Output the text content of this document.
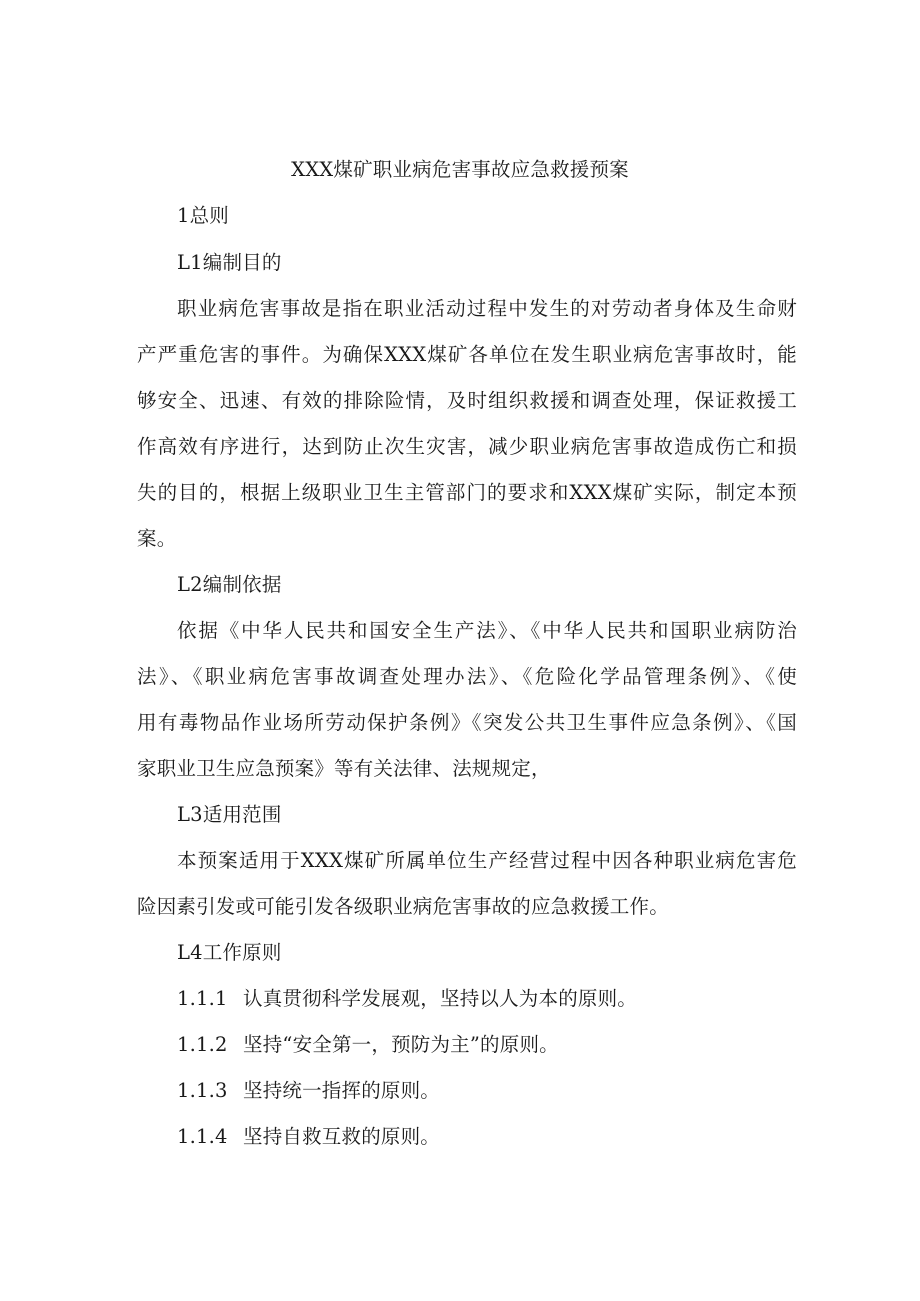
XXX煤矿职业病危害事故应急救援预案
1总则
L1编制目的
职业病危害事故是指在职业活动过程中发生的对劳动者身体及生命财
产严重危害的事件。为确保XXX煤矿各单位在发生职业病危害事故时，能
够安全、迅速、有效的排除险情，及时组织救援和调查处理，保证救援工
作高效有序进行，达到防止次生灾害，减少职业病危害事故造成伤亡和损
失的目的，根据上级职业卫生主管部门的要求和XXX煤矿实际，制定本预
案。
L2编制依据
依据《中华人民共和国安全生产法》、《中华人民共和国职业病防治
法》、《职业病危害事故调查处理办法》、《危险化学品管理条例》、《使
用有毒物品作业场所劳动保护条例》《突发公共卫生事件应急条例》、《国
家职业卫生应急预案》等有关法律、法规规定，
L3适用范围
本预案适用于XXX煤矿所属单位生产经营过程中因各种职业病危害危
险因素引发或可能引发各级职业病危害事故的应急救援工作。
L4工作原则
1.1.1 认真贯彻科学发展观，坚持以人为本的原则。
1.1.2 坚持“安全第一，预防为主”的原则。
1.1.3 坚持统一指挥的原则。
1.1.4 坚持自救互救的原则。
